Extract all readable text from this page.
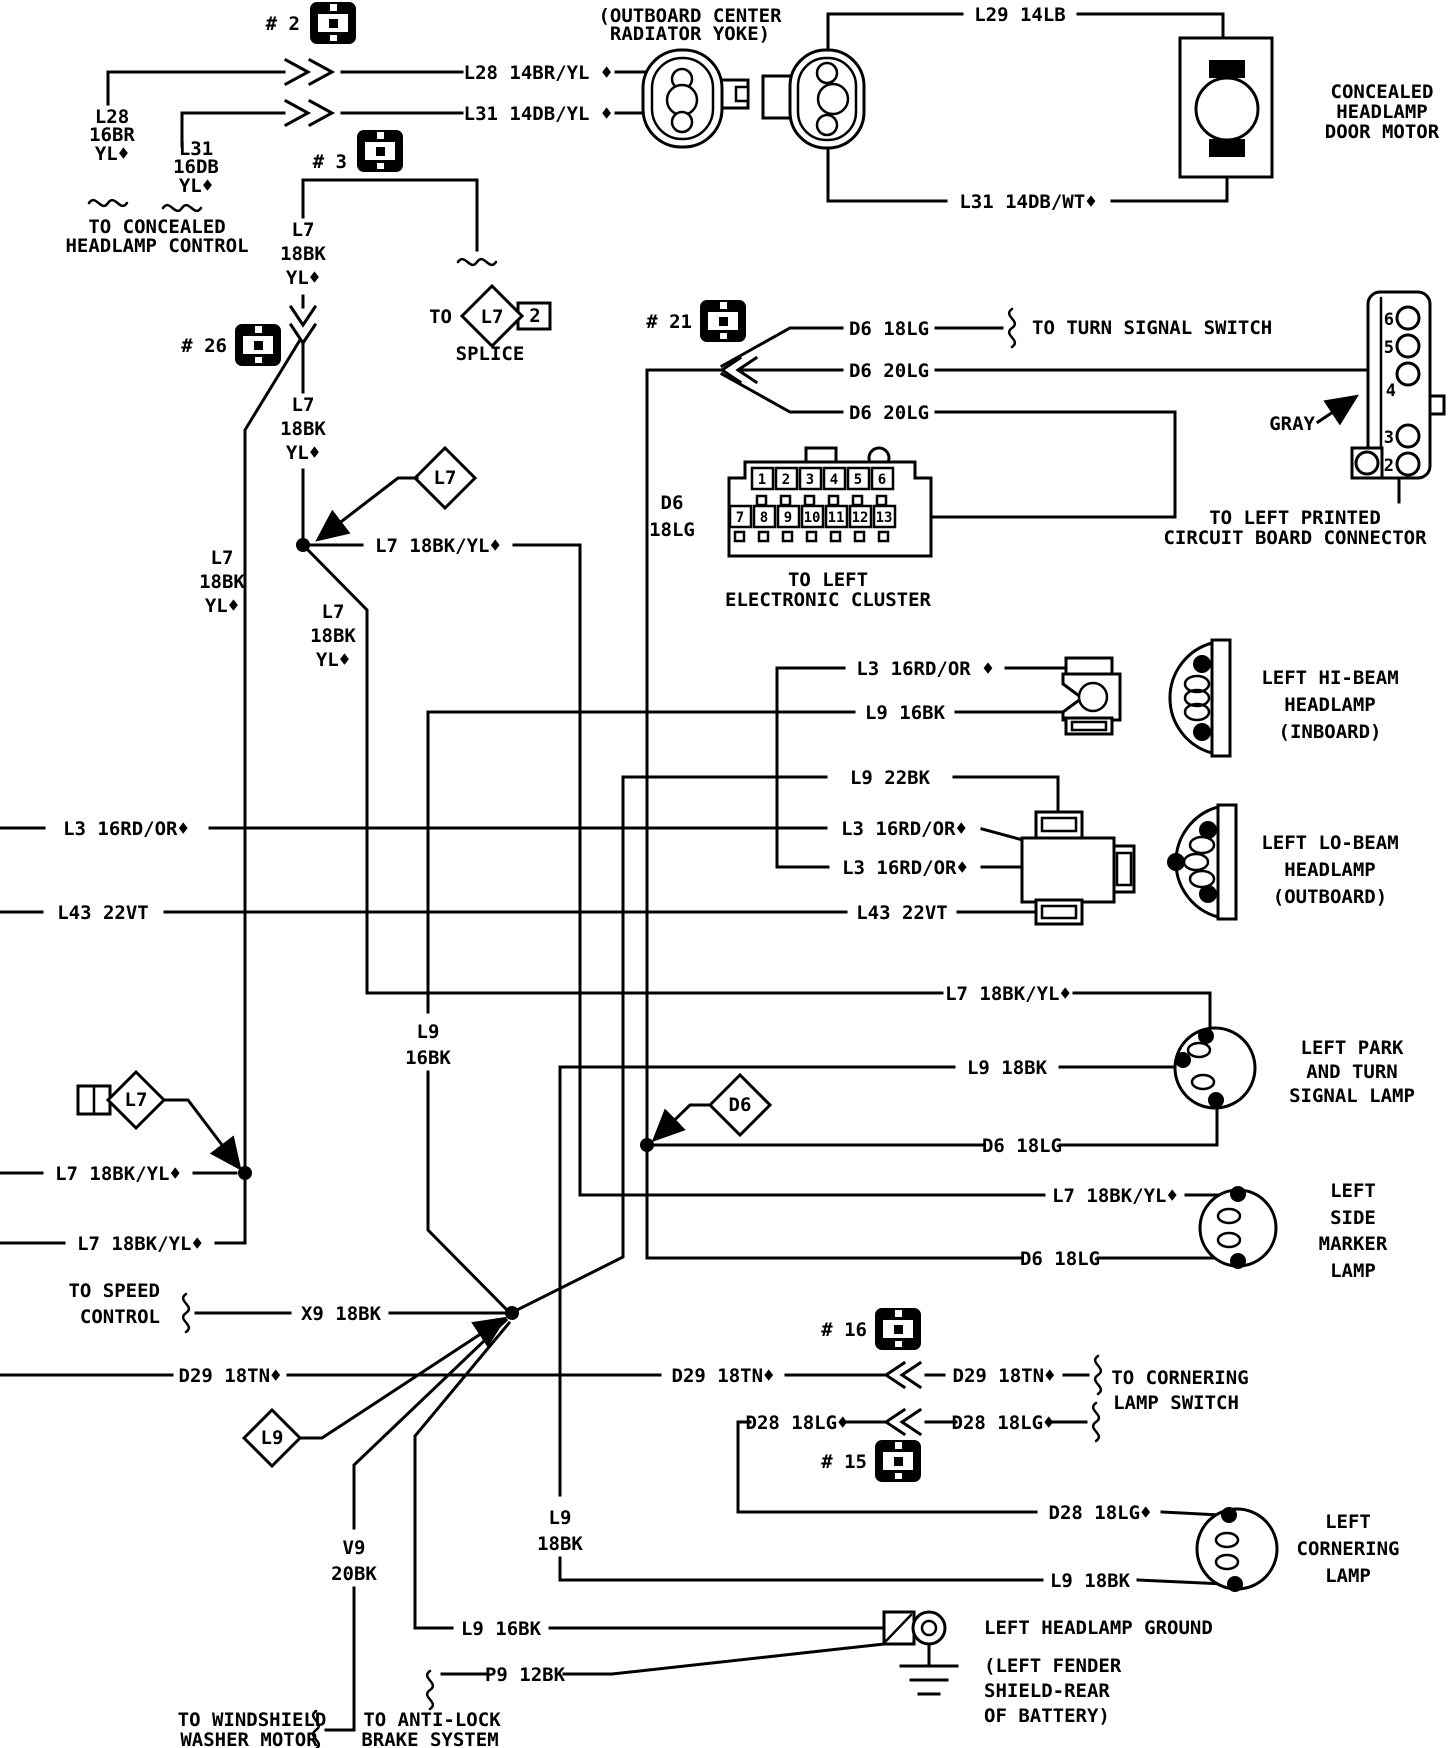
# 2
L28 14BR/YL ♦
L28
16BR
YL♦
L31 14DB/YL ♦
L31
16DB
YL♦
TO CONCEALED
HEADLAMP CONTROL
(OUTBOARD CENTER
RADIATOR YOKE)
L29 14LB
CONCEALED
HEADLAMP
DOOR MOTOR
L31 14DB/WT♦
# 3
TO	2
L7
SPLICE
L7
18BK
YL♦
L7
18BK
YL♦
# 26
L7
L7
18BK
YL♦
L7 18BK/YL♦
L7
18BK
YL♦
# 21	D6 18LG	TO TURN SIGNAL SWITCH
D6 20LG
D6 20LG
D6
18LG
1 2 3 4 5 6
7 8 9 10 11 12 13
TO LEFT
ELECTRONIC CLUSTER
6
5
4
3
2
GRAY
TO LEFT PRINTED
CIRCUIT BOARD CONNECTOR
L3 16RD/OR ♦
L3 16RD/OR♦	L3 16RD/OR♦
L3 16RD/OR♦
L9 16BK
L9
16BK
L9 22BK
L43 22VT	L43 22VT
LEFT HI-BEAM
HEADLAMP
(INBOARD)
LEFT LO-BEAM
HEADLAMP
(OUTBOARD)
L7 18BK/YL♦
L9 18BK
L9
18BK
D6
D6 18LG
L7 18BK/YL♦
D6 18LG
LEFT PARK
AND TURN
SIGNAL LAMP
LEFT
SIDE
MARKER
LAMP
L7
L7 18BK/YL♦
L7 18BK/YL♦
TO SPEED
CONTROL	X9 18BK
L9
# 16
D29 18TN♦	D29 18TN♦	D29 18TN♦	TO CORNERING
LAMP SWITCH
D28 18LG♦	D28 18LG♦
D28 18LG♦
# 15
L9 18BK
LEFT
CORNERING
LAMP
V9
20BK
TO WINDSHIELD
WASHER MOTOR
L9 16BK
P9 12BK
TO ANTI-LOCK
BRAKE SYSTEM
LEFT HEADLAMP GROUND
(LEFT FENDER
SHIELD-REAR
OF BATTERY)
